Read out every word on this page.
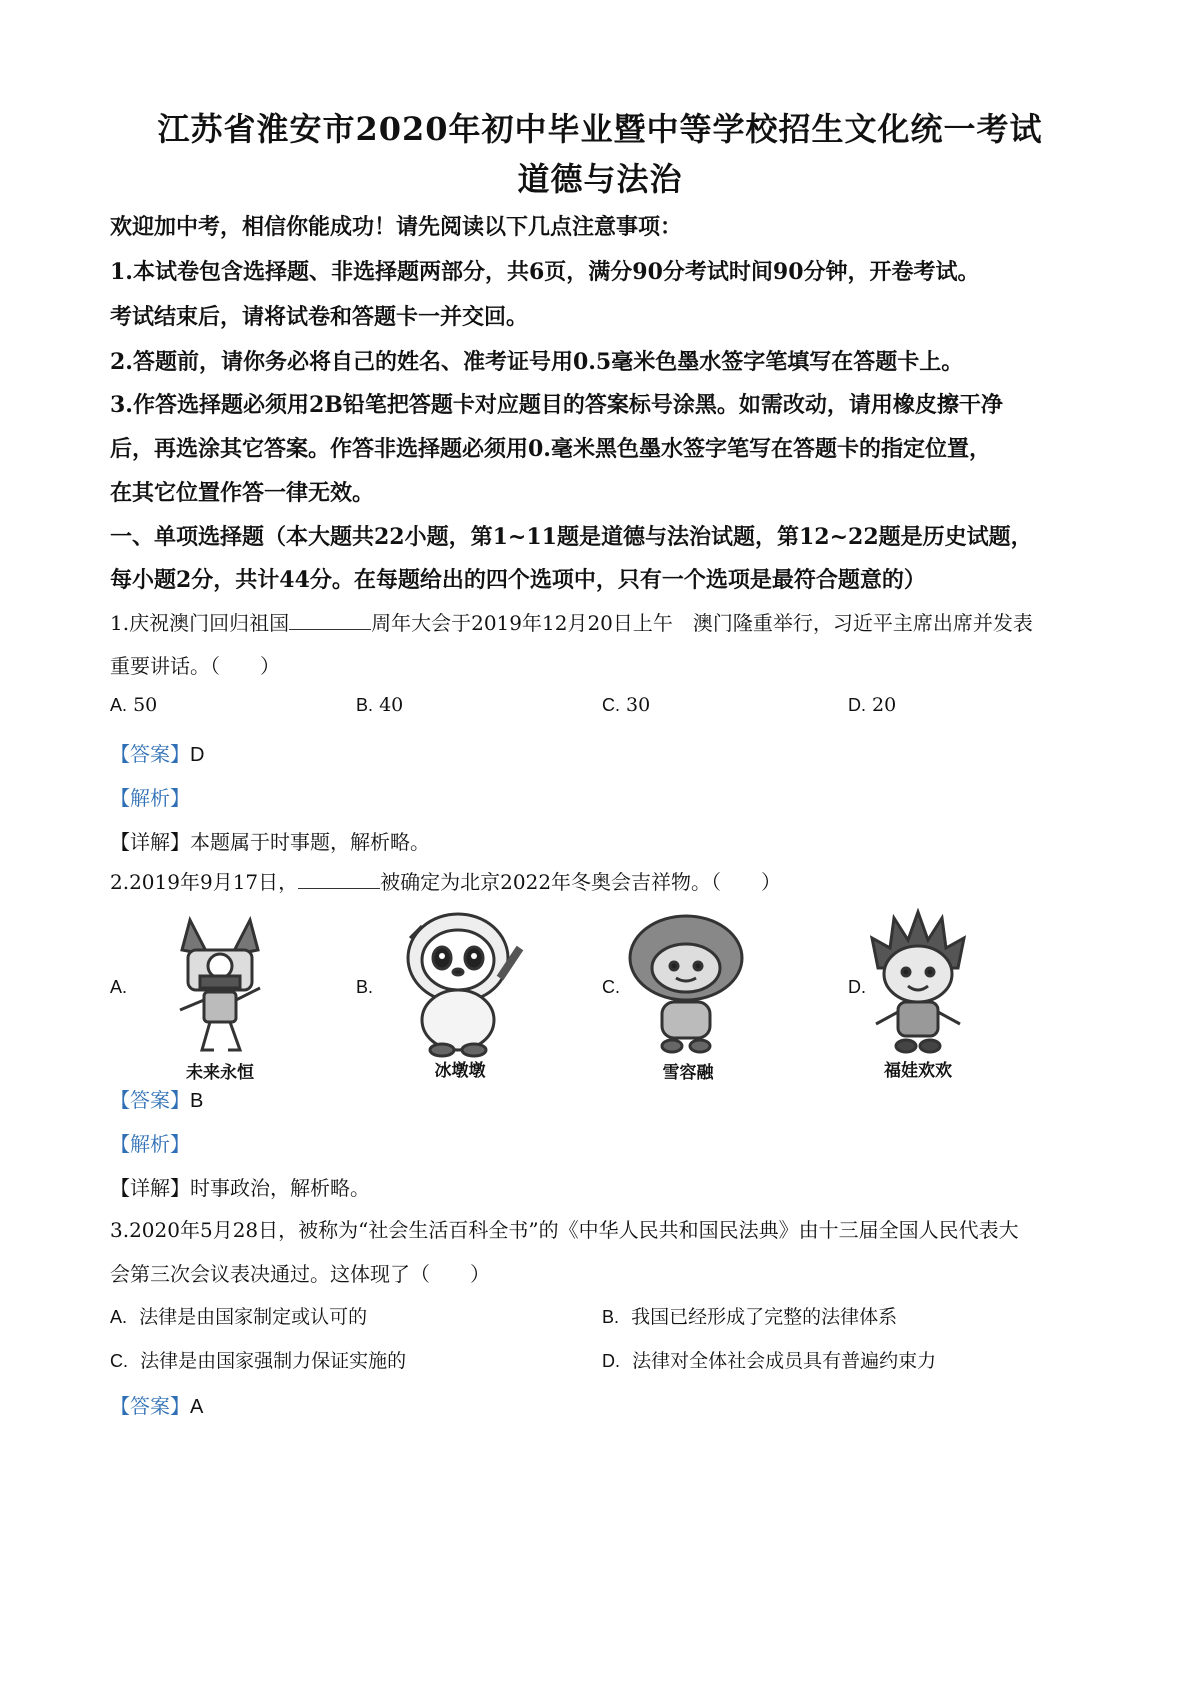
江苏省淮安市2020年初中毕业暨中等学校招生文化统一考试
道德与法治
欢迎加中考，相信你能成功！请先阅读以下几点注意事项：
1.本试卷包含选择题、非选择题两部分，共6页，满分90分考试时间90分钟，开卷考试。
考试结束后，请将试卷和答题卡一并交回。
2.答题前，请你务必将自己的姓名、准考证号用0.5毫米色墨水签字笔填写在答题卡上。
3.作答选择题必须用2B铅笔把答题卡对应题目的答案标号涂黑。如需改动，请用橡皮擦干净
后，再选涂其它答案。作答非选择题必须用0.毫米黑色墨水签字笔写在答题卡的指定位置，
在其它位置作答一律无效。
一、单项选择题（本大题共22小题，第1~11题是道德与法治试题，第12~22题是历史试题，
每小题2分，共计44分。在每题给出的四个选项中，只有一个选项是最符合题意的）
1.庆祝澳门回归祖国	周年大会于2019年12月20日上午　澳门隆重举行，习近平主席出席并发表
重要讲话。（　　）
A. 50	B. 40	C. 30	D. 20
【答案】D
【解析】
【详解】本题属于时事题，解析略。
2.2019年9月17日，	被确定为北京2022年冬奥会吉祥物。（　　）
A.	B.	C.	D.
未来永恒	冰墩墩	雪容融	福娃欢欢
【答案】B
【解析】
【详解】时事政治，解析略。
3.2020年5月28日，被称为“社会生活百科全书”的《中华人民共和国民法典》由十三届全国人民代表大
会第三次会议表决通过。这体现了（　　）
A. 法律是由国家制定或认可的	B. 我国已经形成了完整的法律体系
C. 法律是由国家强制力保证实施的	D. 法律对全体社会成员具有普遍约束力
【答案】A
